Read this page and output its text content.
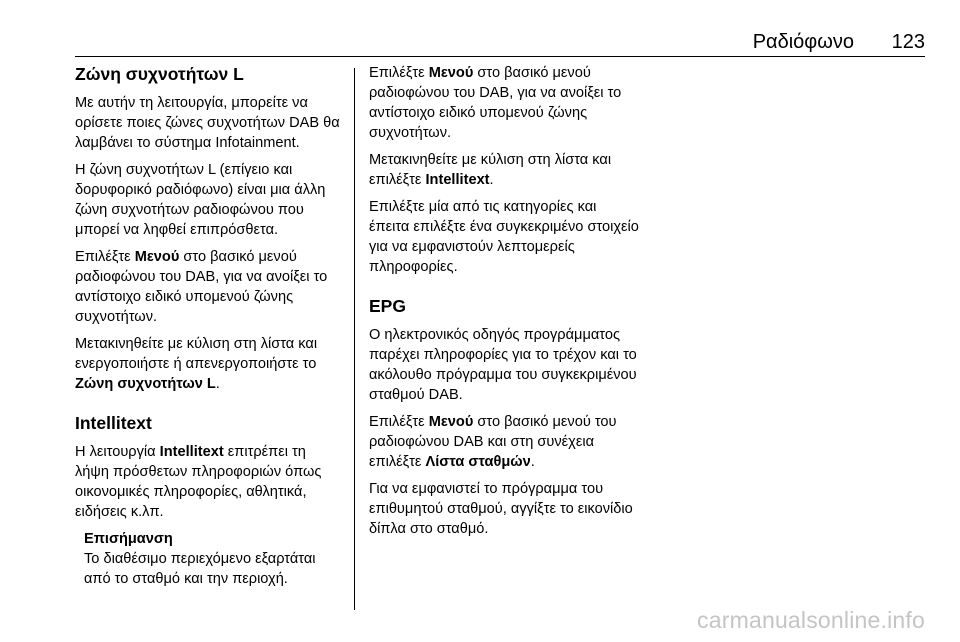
Ραδιόφωνο 123
Ζώνη συχνοτήτων L

Με αυτήν τη λειτουργία, μπορείτε να ορίσετε ποιες ζώνες συχνοτήτων DAB θα λαμβάνει το σύστημα Infotainment.

Η ζώνη συχνοτήτων L (επίγειο και δορυφορικό ραδιόφωνο) είναι μια άλλη ζώνη συχνοτήτων ραδιοφώνου που μπορεί να ληφθεί επιπρόσθετα.

Επιλέξτε Μενού στο βασικό μενού ραδιοφώνου του DAB, για να ανοίξει το αντίστοιχο ειδικό υπομενού ζώνης συχνοτήτων.

Μετακινηθείτε με κύλιση στη λίστα και ενεργοποιήστε ή απενεργοποιήστε το Ζώνη συχνοτήτων L.

Intellitext

Η λειτουργία Intellitext επιτρέπει τη λήψη πρόσθετων πληροφοριών όπως οικονομικές πληροφορίες, αθλητικά, ειδήσεις κ.λπ.

Επισήμανση
Το διαθέσιμο περιεχόμενο εξαρτάται από το σταθμό και την περιοχή.

Επιλέξτε Μενού στο βασικό μενού ραδιοφώνου του DAB, για να ανοίξει το αντίστοιχο ειδικό υπομενού ζώνης συχνοτήτων.

Μετακινηθείτε με κύλιση στη λίστα και επιλέξτε Intellitext.

Επιλέξτε μία από τις κατηγορίες και έπειτα επιλέξτε ένα συγκεκριμένο στοιχείο για να εμφανιστούν λεπτομερείς πληροφορίες.

EPG

Ο ηλεκτρονικός οδηγός προγράμματος παρέχει πληροφορίες για το τρέχον και το ακόλουθο πρόγραμμα του συγκεκριμένου σταθμού DAB.

Επιλέξτε Μενού στο βασικό μενού του ραδιοφώνου DAB και στη συνέχεια επιλέξτε Λίστα σταθμών.

Για να εμφανιστεί το πρόγραμμα του επιθυμητού σταθμού, αγγίξτε το εικονίδιο δίπλα στο σταθμό.

carmanualsonline.info
